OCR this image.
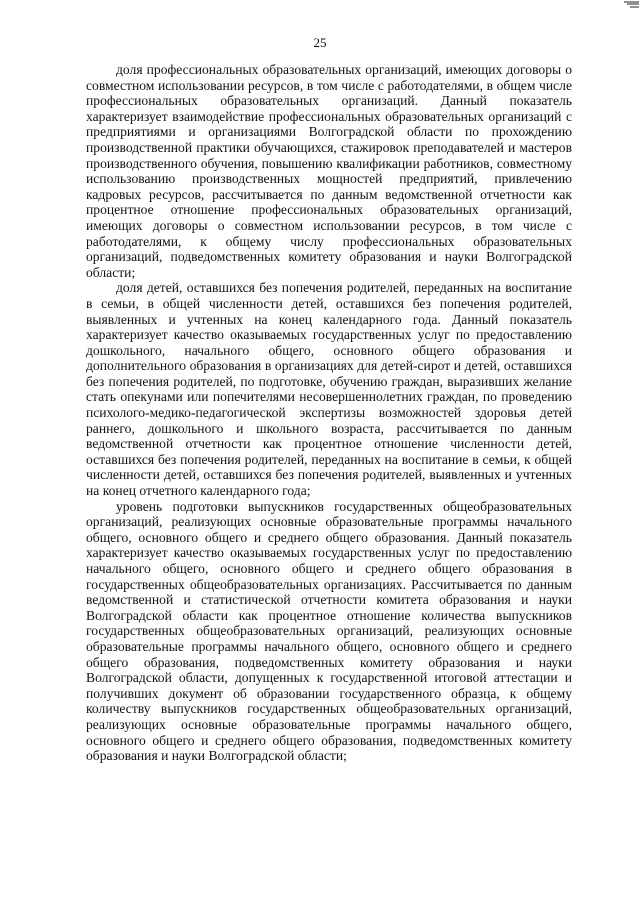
25

доля профессиональных образовательных организаций, имеющих договоры о совместном использовании ресурсов, в том числе с работодателями, в общем числе профессиональных образовательных организаций. Данный показатель характеризует взаимодействие профессиональных образовательных организаций с предприятиями и организациями Волгоградской области по прохождению производственной практики обучающихся, стажировок преподавателей и мастеров производственного обучения, повышению квалификации работников, совместному использованию производственных мощностей предприятий, привлечению кадровых ресурсов, рассчитывается по данным ведомственной отчетности как процентное отношение профессиональных образовательных организаций, имеющих договоры о совместном использовании ресурсов, в том числе с работодателями, к общему числу профессиональных образовательных организаций, подведомственных комитету образования и науки Волгоградской области;

доля детей, оставшихся без попечения родителей, переданных на воспитание в семьи, в общей численности детей, оставшихся без попечения родителей, выявленных и учтенных на конец календарного года. Данный показатель характеризует качество оказываемых государственных услуг по предоставлению дошкольного, начального общего, основного общего образования и дополнительного образования в организациях для детей-сирот и детей, оставшихся без попечения родителей, по подготовке, обучению граждан, выразивших желание стать опекунами или попечителями несовершеннолетних граждан, по проведению психолого-медико-педагогической экспертизы возможностей здоровья детей раннего, дошкольного и школьного возраста, рассчитывается по данным ведомственной отчетности как процентное отношение численности детей, оставшихся без попечения родителей, переданных на воспитание в семьи, к общей численности детей, оставшихся без попечения родителей, выявленных и учтенных на конец отчетного календарного года;

уровень подготовки выпускников государственных общеобразовательных организаций, реализующих основные образовательные программы начального общего, основного общего и среднего общего образования. Данный показатель характеризует качество оказываемых государственных услуг по предоставлению начального общего, основного общего и среднего общего образования в государственных общеобразовательных организациях. Рассчитывается по данным ведомственной и статистической отчетности комитета образования и науки Волгоградской области как процентное отношение количества выпускников государственных общеобразовательных организаций, реализующих основные образовательные программы начального общего, основного общего и среднего общего образования, подведомственных комитету образования и науки Волгоградской области, допущенных к государственной итоговой аттестации и получивших документ об образовании государственного образца, к общему количеству выпускников государственных общеобразовательных организаций, реализующих основные образовательные программы начального общего, основного общего и среднего общего образования, подведомственных комитету образования и науки Волгоградской области;
